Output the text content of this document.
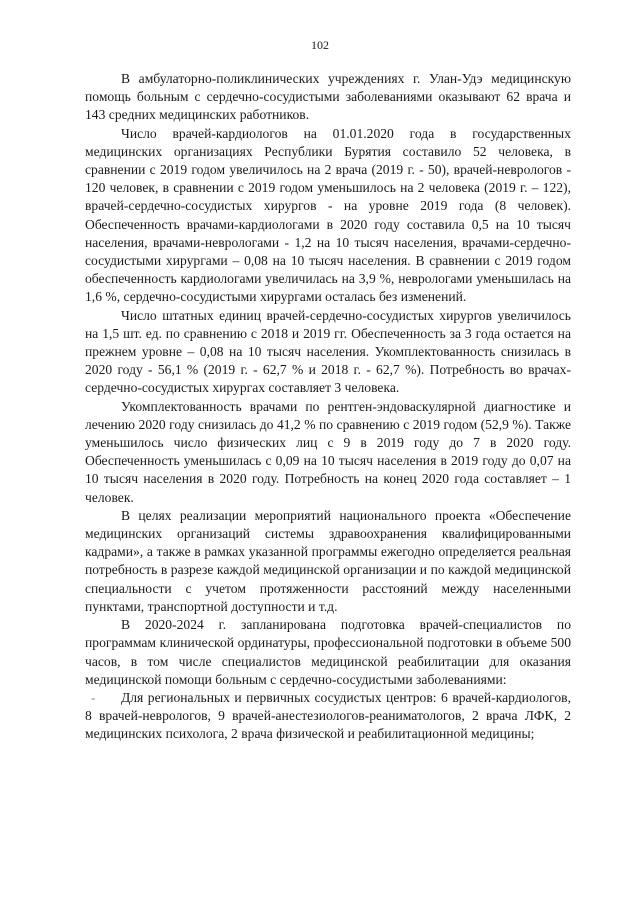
102

В амбулаторно-поликлинических учреждениях г. Улан-Удэ медицинскую помощь больным с сердечно-сосудистыми заболеваниями оказывают 62 врача и 143 средних медицинских работников.

Число врачей-кардиологов на 01.01.2020 года в государственных медицинских организациях Республики Бурятия составило 52 человека, в сравнении с 2019 годом увеличилось на 2 врача (2019 г. - 50), врачей-неврологов - 120 человек, в сравнении с 2019 годом уменьшилось на 2 человека (2019 г. – 122), врачей-сердечно-сосудистых хирургов - на уровне 2019 года (8 человек). Обеспеченность врачами-кардиологами в 2020 году составила 0,5 на 10 тысяч населения, врачами-неврологами - 1,2 на 10 тысяч населения, врачами-сердечно-сосудистыми хирургами – 0,08 на 10 тысяч населения. В сравнении с 2019 годом обеспеченность кардиологами увеличилась на 3,9 %, неврологами уменьшилась на 1,6 %, сердечно-сосудистыми хирургами осталась без изменений.

Число штатных единиц врачей-сердечно-сосудистых хирургов увеличилось на 1,5 шт. ед. по сравнению с 2018 и 2019 гг. Обеспеченность за 3 года остается на прежнем уровне – 0,08 на 10 тысяч населения. Укомплектованность снизилась в 2020 году - 56,1 % (2019 г. - 62,7 % и 2018 г. - 62,7 %). Потребность во врачах-сердечно-сосудистых хирургах составляет 3 человека.

Укомплектованность врачами по рентген-эндоваскулярной диагностике и лечению 2020 году снизилась до 41,2 % по сравнению с 2019 годом (52,9 %). Также уменьшилось число физических лиц с 9 в 2019 году до 7 в 2020 году. Обеспеченность уменьшилась с 0,09 на 10 тысяч населения в 2019 году до 0,07 на 10 тысяч населения в 2020 году. Потребность на конец 2020 года составляет – 1 человек.

В целях реализации мероприятий национального проекта «Обеспечение медицинских организаций системы здравоохранения квалифицированными кадрами», а также в рамках указанной программы ежегодно определяется реальная потребность в разрезе каждой медицинской организации и по каждой медицинской специальности с учетом протяженности расстояний между населенными пунктами, транспортной доступности и т.д.

В 2020-2024 г. запланирована подготовка врачей-специалистов по программам клинической ординатуры, профессиональной подготовки в объеме 500 часов, в том числе специалистов медицинской реабилитации для оказания медицинской помощи больным с сердечно-сосудистыми заболеваниями:

- Для региональных и первичных сосудистых центров: 6 врачей-кардиологов, 8 врачей-неврологов, 9 врачей-анестезиологов-реаниматологов, 2 врача ЛФК, 2 медицинских психолога, 2 врача физической и реабилитационной медицины;
